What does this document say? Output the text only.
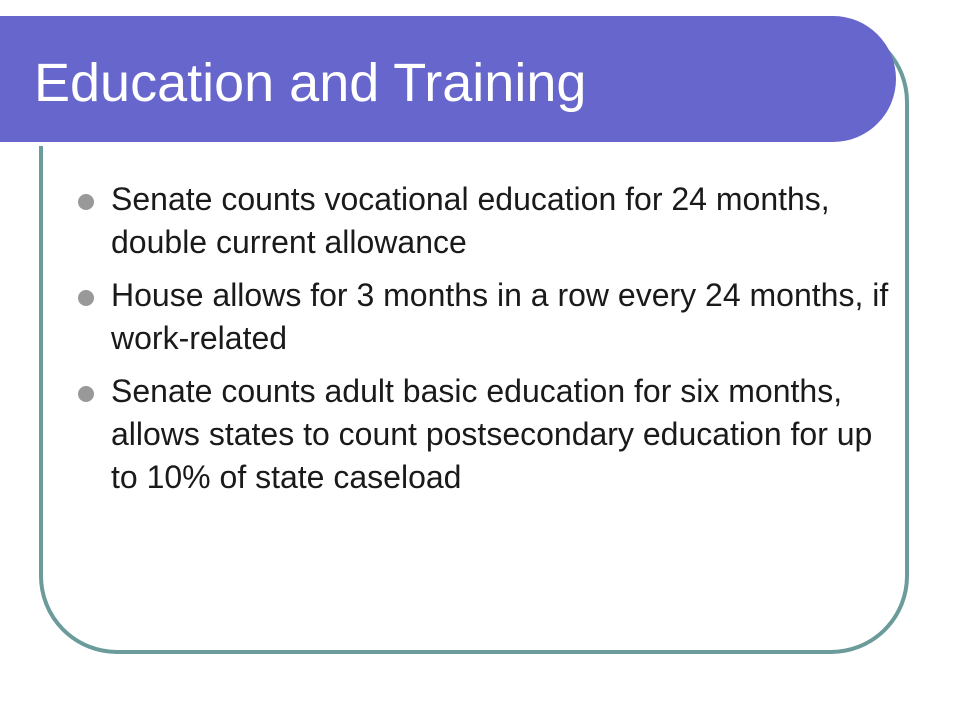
Education and Training
Senate counts vocational education for 24 months, double current allowance
House allows for 3 months in a row every 24 months, if work-related
Senate counts adult basic education for six months, allows states to count postsecondary education for up to 10% of state caseload
